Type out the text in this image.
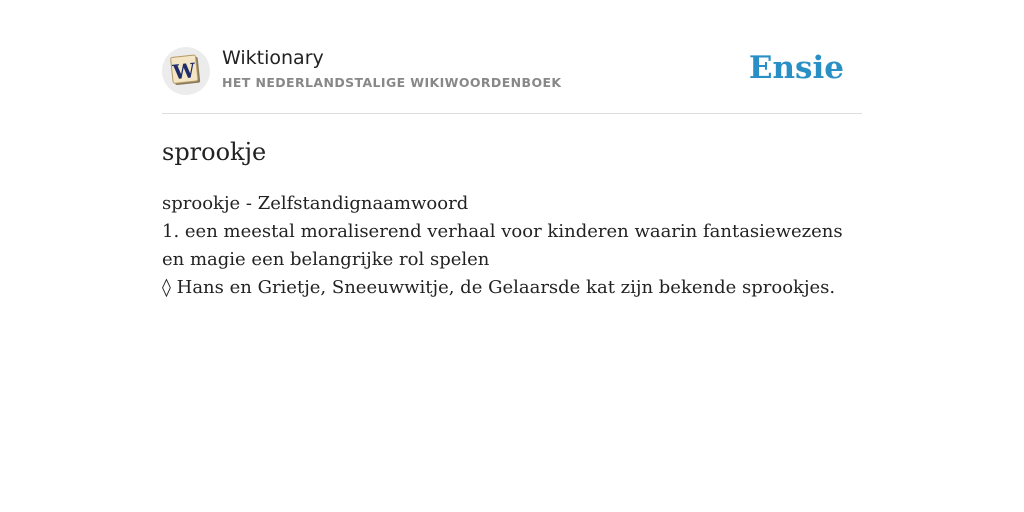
W
Wiktionary
HET NEDERLANDSTALIGE WIKIWOORDENBOEK	Ensie
sprookje

sprookje - Zelfstandignaamwoord

1. een meestal moraliserend verhaal voor kinderen waarin fantasiewezens en magie een belangrijke rol spelen

◊ Hans en Grietje, Sneeuwwitje, de Gelaarsde kat zijn bekende sprookjes.
